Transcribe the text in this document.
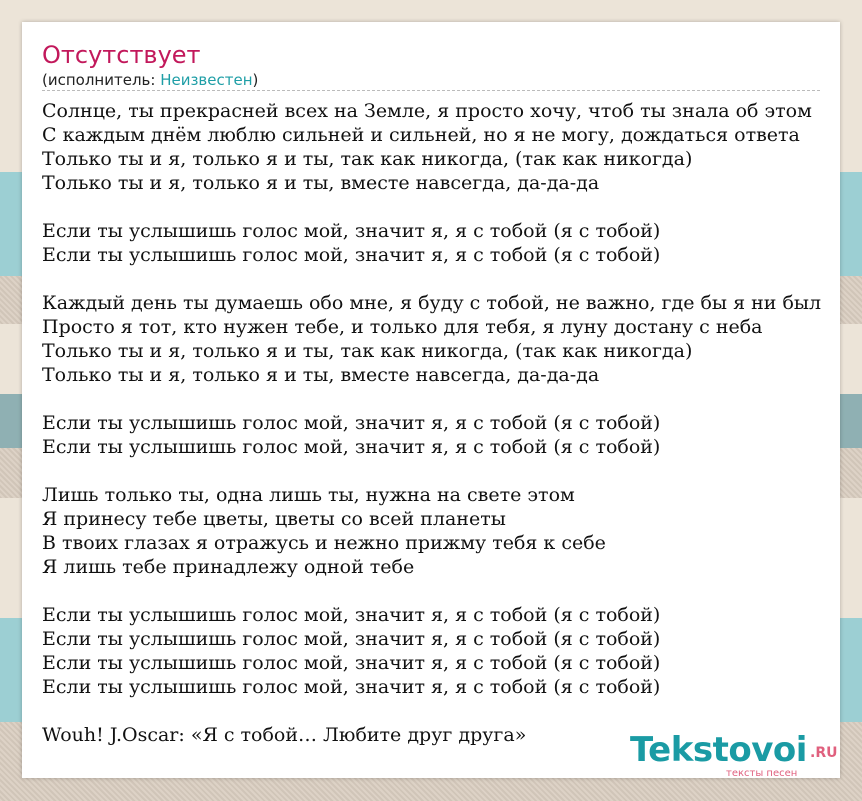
Отсутствует
(исполнитель: Неизвестен)
Солнце, ты прекрасней всех на Земле, я просто хочу, чтоб ты знала об этом
С каждым днём люблю сильней и сильней, но я не могу, дождаться ответа
Только ты и я, только я и ты, так как никогда, (так как никогда)
Только ты и я, только я и ты, вместе навсегда, да-да-да
Если ты услышишь голос мой, значит я, я с тобой (я с тобой)
Если ты услышишь голос мой, значит я, я с тобой (я с тобой)
Каждый день ты думаешь обо мне, я буду с тобой, не важно, где бы я ни был
Просто я тот, кто нужен тебе, и только для тебя, я луну достану с неба
Только ты и я, только я и ты, так как никогда, (так как никогда)
Только ты и я, только я и ты, вместе навсегда, да-да-да
Если ты услышишь голос мой, значит я, я с тобой (я с тобой)
Если ты услышишь голос мой, значит я, я с тобой (я с тобой)
Лишь только ты, одна лишь ты, нужна на свете этом
Я принесу тебе цветы, цветы со всей планеты
В твоих глазах я отражусь и нежно прижму тебя к себе
Я лишь тебе принадлежу одной тебе
Если ты услышишь голос мой, значит я, я с тобой (я с тобой)
Если ты услышишь голос мой, значит я, я с тобой (я с тобой)
Если ты услышишь голос мой, значит я, я с тобой (я с тобой)
Если ты услышишь голос мой, значит я, я с тобой (я с тобой)
Wouh! J.Oscar: «Я с тобой… Любите друг друга»	Tekstovoi .RU
тексты песен
